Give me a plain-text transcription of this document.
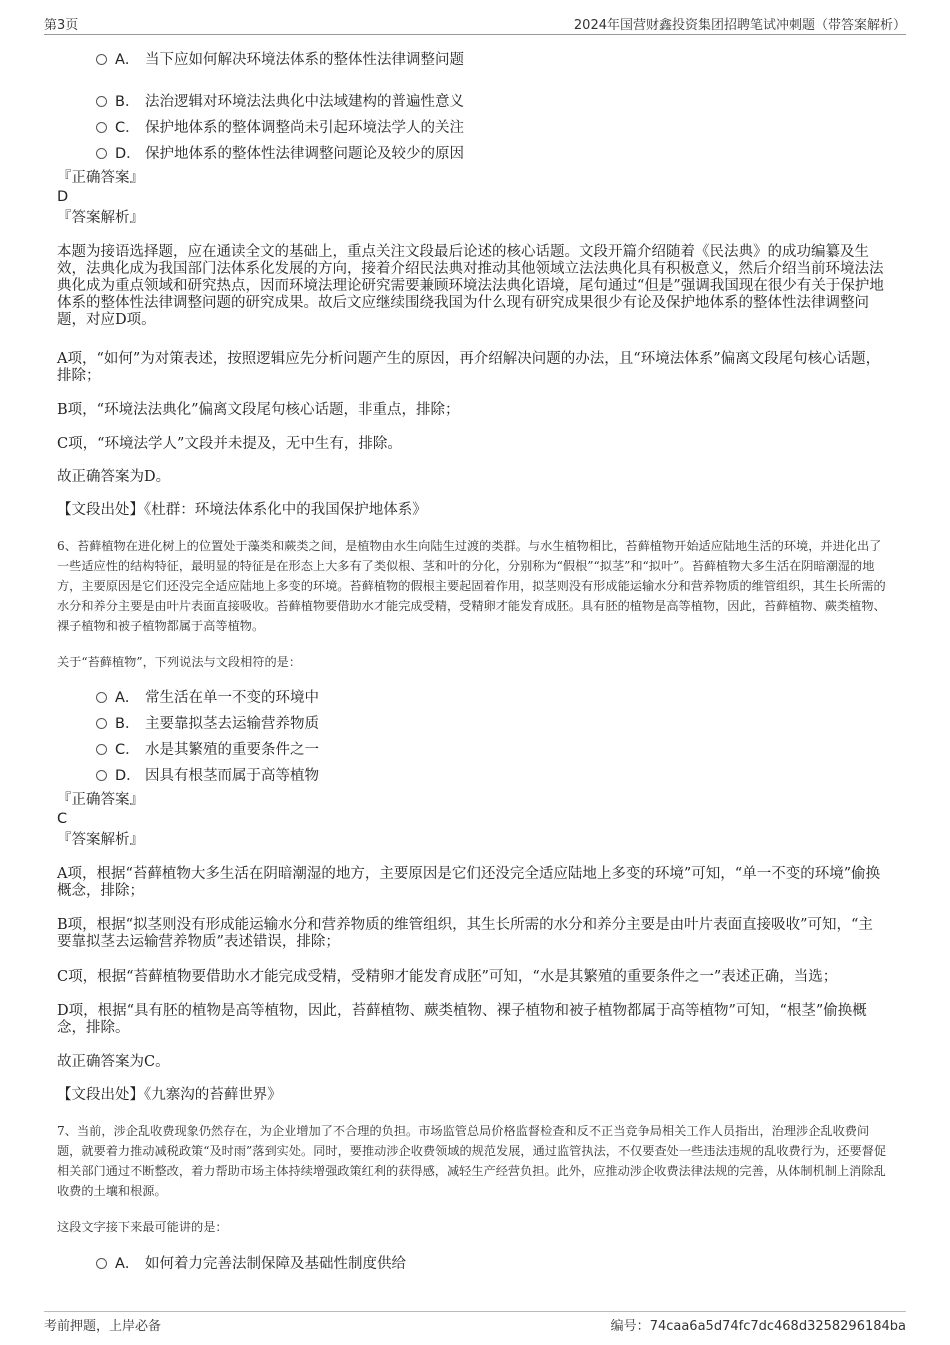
第3页	2024年国营财鑫投资集团招聘笔试冲刺题（带答案解析）
A． 当下应如何解决环境法体系的整体性法律调整问题
B． 法治逻辑对环境法法典化中法域建构的普遍性意义
C． 保护地体系的整体调整尚未引起环境法学人的关注
D． 保护地体系的整体性法律调整问题论及较少的原因
『正确答案』
D
『答案解析』
本题为接语选择题，应在通读全文的基础上，重点关注文段最后论述的核心话题。文段开篇介绍随着《民法典》的成功编纂及生效，法典化成为我国部门法体系化发展的方向，接着介绍民法典对推动其他领域立法法典化具有积极意义，然后介绍当前环境法法典化成为重点领域和研究热点，因而环境法理论研究需要兼顾环境法法典化语境，尾句通过“但是”强调我国现在很少有关于保护地体系的整体性法律调整问题的研究成果。故后文应继续围绕我国为什么现有研究成果很少有论及保护地体系的整体性法律调整问题，对应D项。
A项，“如何”为对策表述，按照逻辑应先分析问题产生的原因，再介绍解决问题的办法，且“环境法体系”偏离文段尾句核心话题，排除；
B项，“环境法法典化”偏离文段尾句核心话题，非重点，排除；
C项，“环境法学人”文段并未提及，无中生有，排除。
故正确答案为D。
【文段出处】《杜群：环境法体系化中的我国保护地体系》
6、苔藓植物在进化树上的位置处于藻类和蕨类之间，是植物由水生向陆生过渡的类群。与水生植物相比，苔藓植物开始适应陆地生活的环境，并进化出了一些适应性的结构特征，最明显的特征是在形态上大多有了类似根、茎和叶的分化，分别称为“假根”“拟茎”和“拟叶”。苔藓植物大多生活在阴暗潮湿的地方，主要原因是它们还没完全适应陆地上多变的环境。苔藓植物的假根主要起固着作用，拟茎则没有形成能运输水分和营养物质的维管组织，其生长所需的水分和养分主要是由叶片表面直接吸收。苔藓植物要借助水才能完成受精，受精卵才能发育成胚。具有胚的植物是高等植物，因此，苔藓植物、蕨类植物、裸子植物和被子植物都属于高等植物。
关于“苔藓植物”，下列说法与文段相符的是：
A． 常生活在单一不变的环境中
B． 主要靠拟茎去运输营养物质
C． 水是其繁殖的重要条件之一
D． 因具有根茎而属于高等植物
『正确答案』
C
『答案解析』
A项，根据“苔藓植物大多生活在阴暗潮湿的地方，主要原因是它们还没完全适应陆地上多变的环境”可知，“单一不变的环境”偷换概念，排除；
B项，根据“拟茎则没有形成能运输水分和营养物质的维管组织，其生长所需的水分和养分主要是由叶片表面直接吸收”可知，“主要靠拟茎去运输营养物质”表述错误，排除；
C项，根据“苔藓植物要借助水才能完成受精，受精卵才能发育成胚”可知，“水是其繁殖的重要条件之一”表述正确，当选；
D项，根据“具有胚的植物是高等植物，因此，苔藓植物、蕨类植物、裸子植物和被子植物都属于高等植物”可知，“根茎”偷换概念，排除。
故正确答案为C。
【文段出处】《九寨沟的苔藓世界》
7、当前，涉企乱收费现象仍然存在，为企业增加了不合理的负担。市场监管总局价格监督检查和反不正当竞争局相关工作人员指出，治理涉企乱收费问题，就要着力推动减税政策“及时雨”落到实处。同时，要推动涉企收费领域的规范发展，通过监管执法，不仅要查处一些违法违规的乱收费行为，还要督促相关部门通过不断整改，着力帮助市场主体持续增强政策红利的获得感，减轻生产经营负担。此外，应推动涉企收费法律法规的完善，从体制机制上消除乱收费的土壤和根源。
这段文字接下来最可能讲的是：
A． 如何着力完善法制保障及基础性制度供给
考前押题，上岸必备	编号：74caa6a5d74fc7dc468d3258296184ba
